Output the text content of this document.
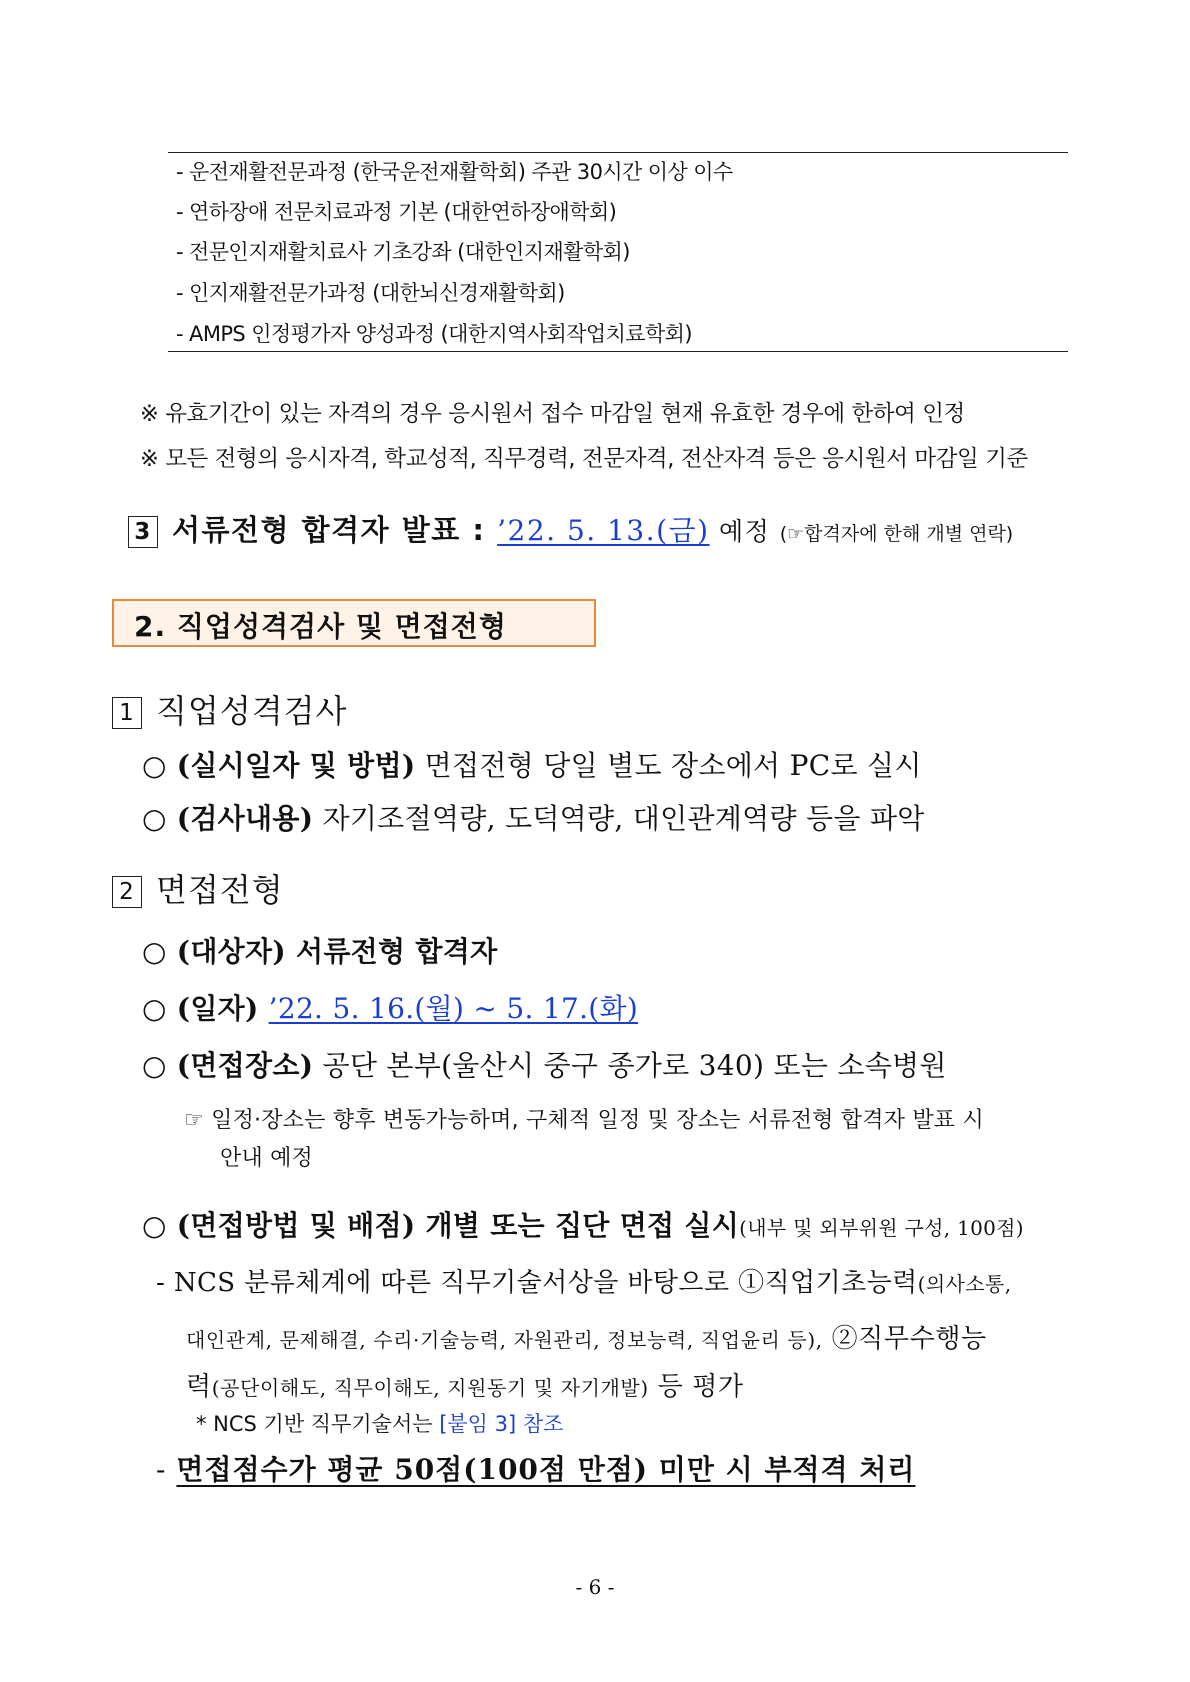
- 운전재활전문과정 (한국운전재활학회) 주관 30시간 이상 이수
- 연하장애 전문치료과정 기본 (대한연하장애학회)
- 전문인지재활치료사 기초강좌 (대한인지재활학회)
- 인지재활전문가과정 (대한뇌신경재활학회)
- AMPS 인정평가자 양성과정 (대한지역사회작업치료학회)
※ 유효기간이 있는 자격의 경우 응시원서 접수 마감일 현재 유효한 경우에 한하여 인정
※ 모든 전형의 응시자격, 학교성적, 직무경력, 전문자격, 전산자격 등은 응시원서 마감일 기준
3 서류전형 합격자 발표 : ’22. 5. 13.(금) 예정 (☞합격자에 한해 개별 연락)
2. 직업성격검사 및 면접전형
1 직업성격검사
○ (실시일자 및 방법) 면접전형 당일 별도 장소에서 PC로 실시
○ (검사내용) 자기조절역량, 도덕역량, 대인관계역량 등을 파악
2 면접전형
○ (대상자) 서류전형 합격자
○ (일자) ’22. 5. 16.(월) ~ 5. 17.(화)
○ (면접장소) 공단 본부(울산시 중구 종가로 340) 또는 소속병원
☞ 일정·장소는 향후 변동가능하며, 구체적 일정 및 장소는 서류전형 합격자 발표 시
안내 예정
○ (면접방법 및 배점) 개별 또는 집단 면접 실시(내부 및 외부위원 구성, 100점)
- NCS 분류체계에 따른 직무기술서상을 바탕으로 ①직업기초능력(의사소통,
대인관계, 문제해결, 수리·기술능력, 자원관리, 정보능력, 직업윤리 등), ②직무수행능
력(공단이해도, 직무이해도, 지원동기 및 자기개발) 등 평가
* NCS 기반 직무기술서는 [붙임 3] 참조
- 면접점수가 평균 50점(100점 만점) 미만 시 부적격 처리
- 6 -
